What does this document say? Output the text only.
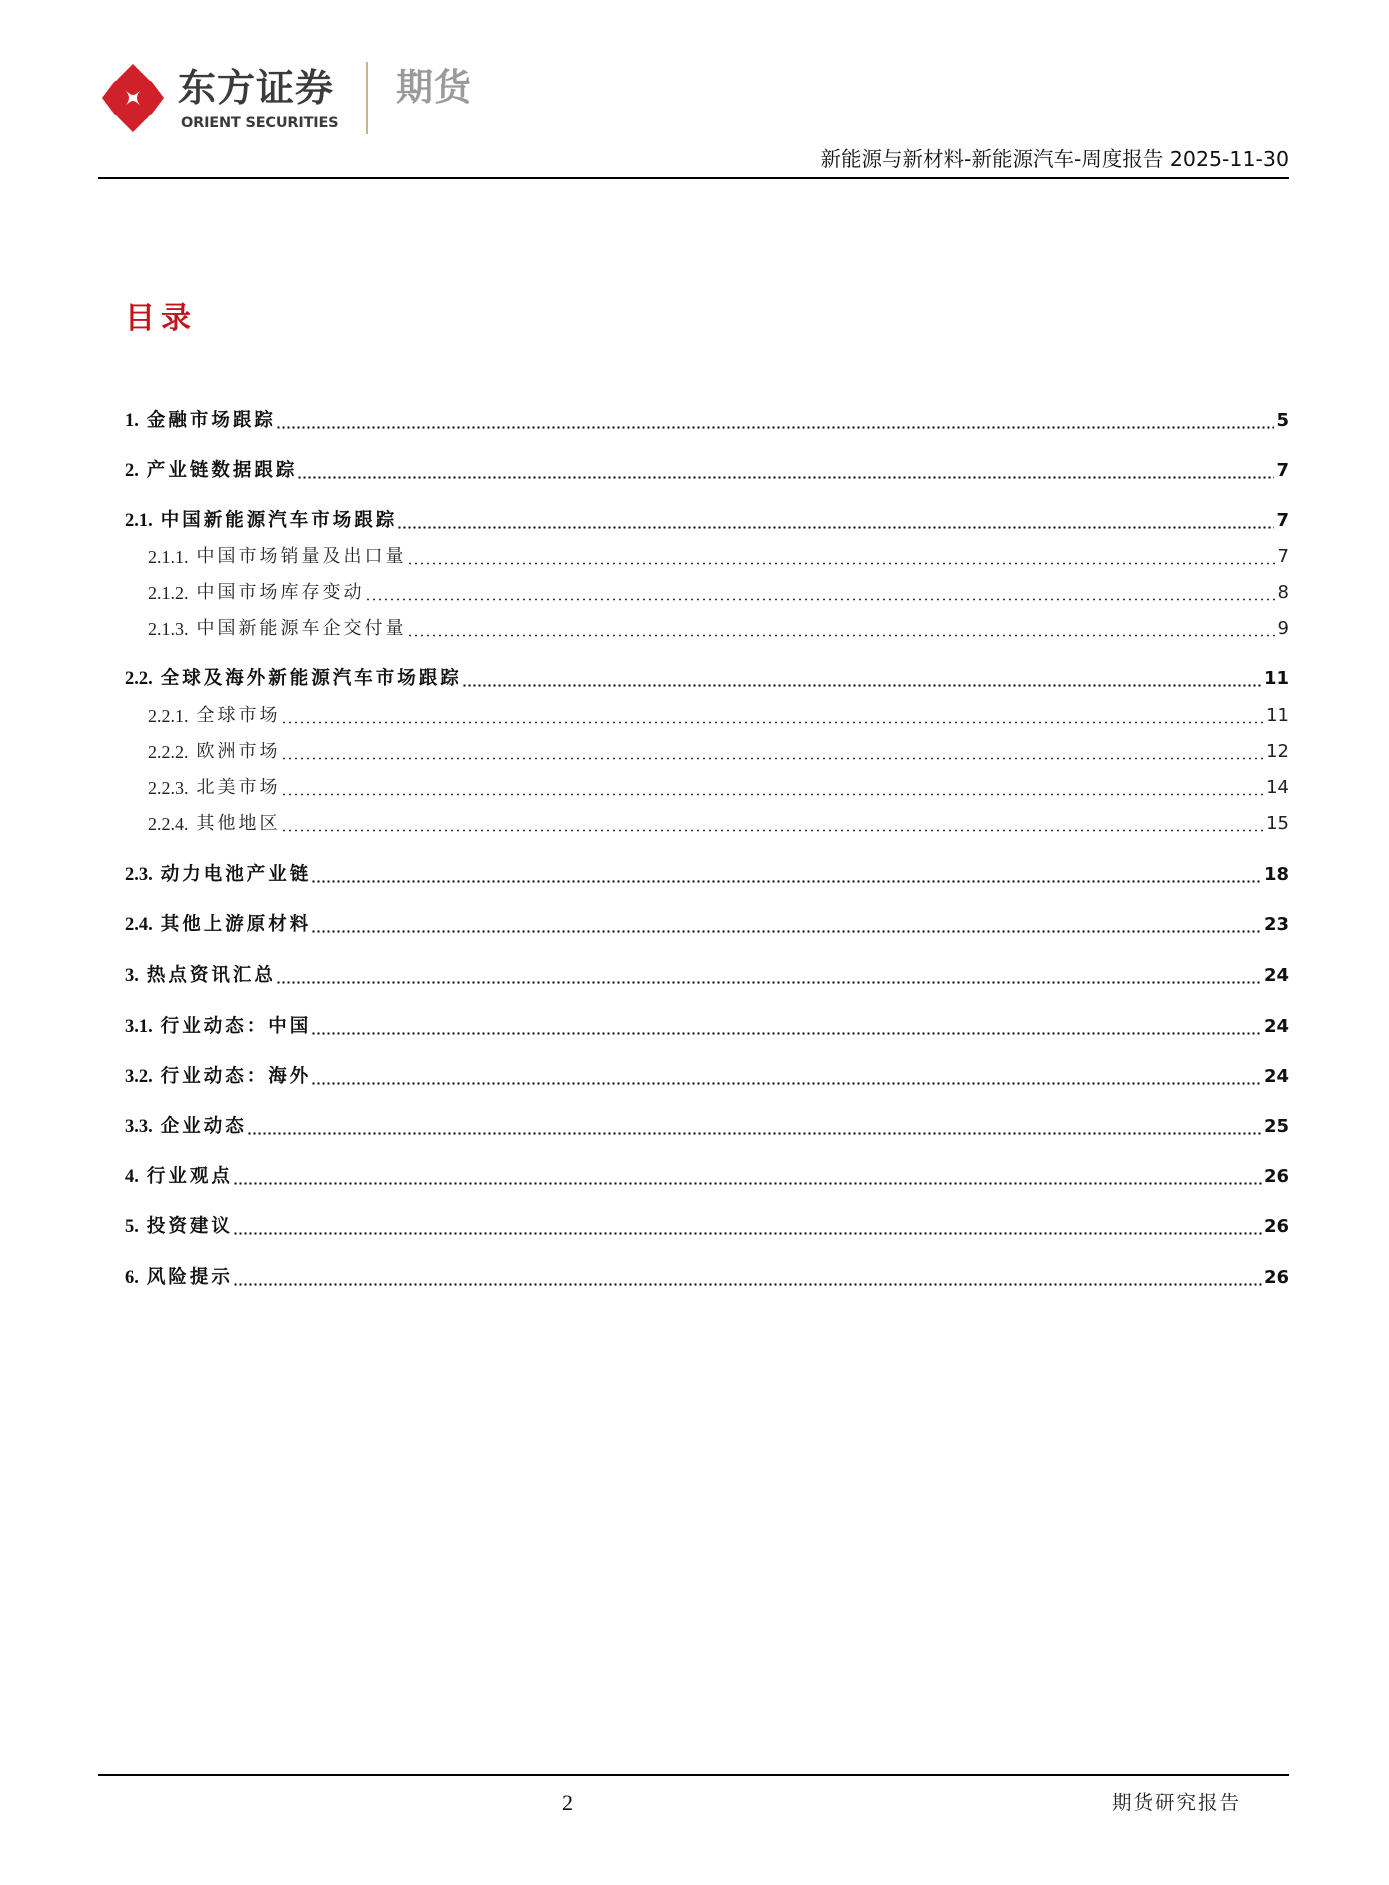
东方证券
ORIENT SECURITIES
期货
新能源与新材料-新能源汽车-周度报告 2025-11-30
目录
1. 金融市场跟踪	5
2. 产业链数据跟踪	7
2.1. 中国新能源汽车市场跟踪	7
2.1.1. 中国市场销量及出口量	7
2.1.2. 中国市场库存变动	8
2.1.3. 中国新能源车企交付量	9
2.2. 全球及海外新能源汽车市场跟踪	11
2.2.1. 全球市场	11
2.2.2. 欧洲市场	12
2.2.3. 北美市场	14
2.2.4. 其他地区	15
2.3. 动力电池产业链	18
2.4. 其他上游原材料	23
3. 热点资讯汇总	24
3.1. 行业动态：中国	24
3.2. 行业动态：海外	24
3.3. 企业动态	25
4. 行业观点	26
5. 投资建议	26
6. 风险提示	26
2	期货研究报告
